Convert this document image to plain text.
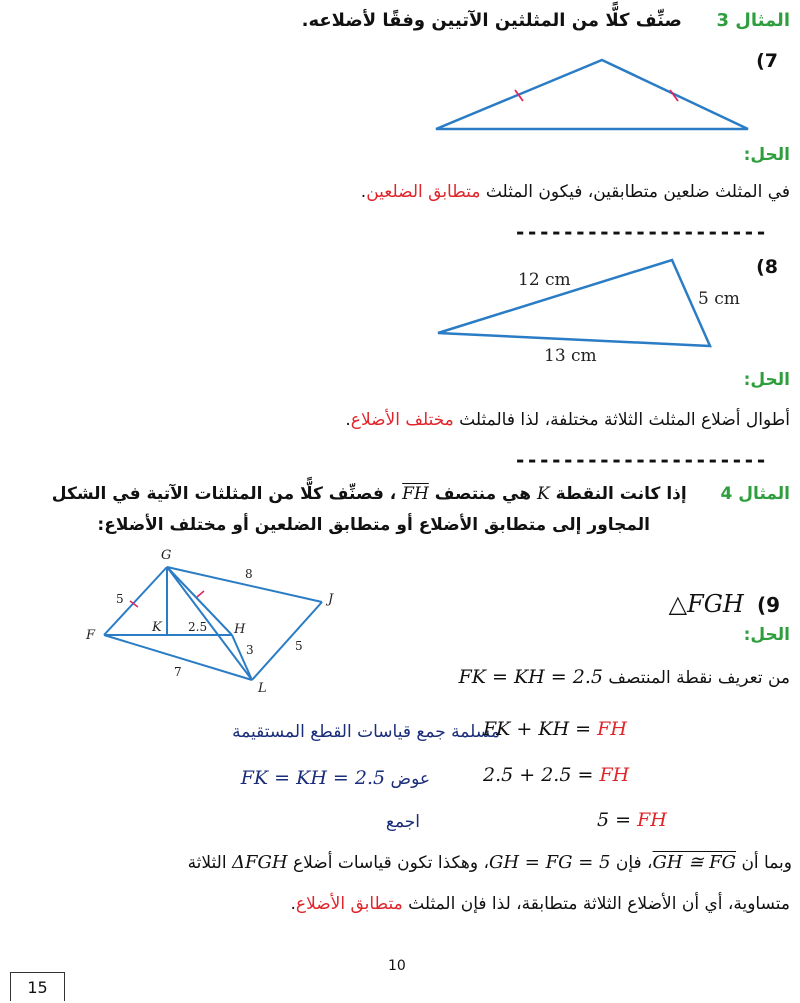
المثال 3  صنِّف كلًّا من المثلثين الآتيين وفقًا لأضلاعه.
(7
الحل:
في المثلث ضلعين متطابقين، فيكون المثلث متطابق الضلعين.
---------------------
(8
12 cm
5 cm
13 cm
الحل:
أطوال أضلاع المثلث الثلاثة مختلفة، لذا فالمثلث مختلف الأضلاع.
---------------------
المثال 4  إذا كانت النقطة K هي منتصف FH ، فصنِّف كلًّا من المثلثات الآتية في الشكل
المجاور إلى متطابق الأضلاع أو متطابق الضلعين أو مختلف الأضلاع:
G
J
F
K	H
L
5
8
2.5
7
3	5
△FGH (9
الحل:
من تعريف نقطة المنتصف FK = KH = 2.5
مسلمة جمع قياسات القطع المستقيمة
FK + KH = FH
عوض FK = KH = 2.5	2.5 + 2.5 = FH
اجمع	5 = FH
وبما أن GH ≅ FG، فإن GH = FG = 5، وهكذا تكون قياسات أضلاع ΔFGH الثلاثة
متساوية، أي أن الأضلاع الثلاثة متطابقة، لذا فإن المثلث متطابق الأضلاع.
10
15
